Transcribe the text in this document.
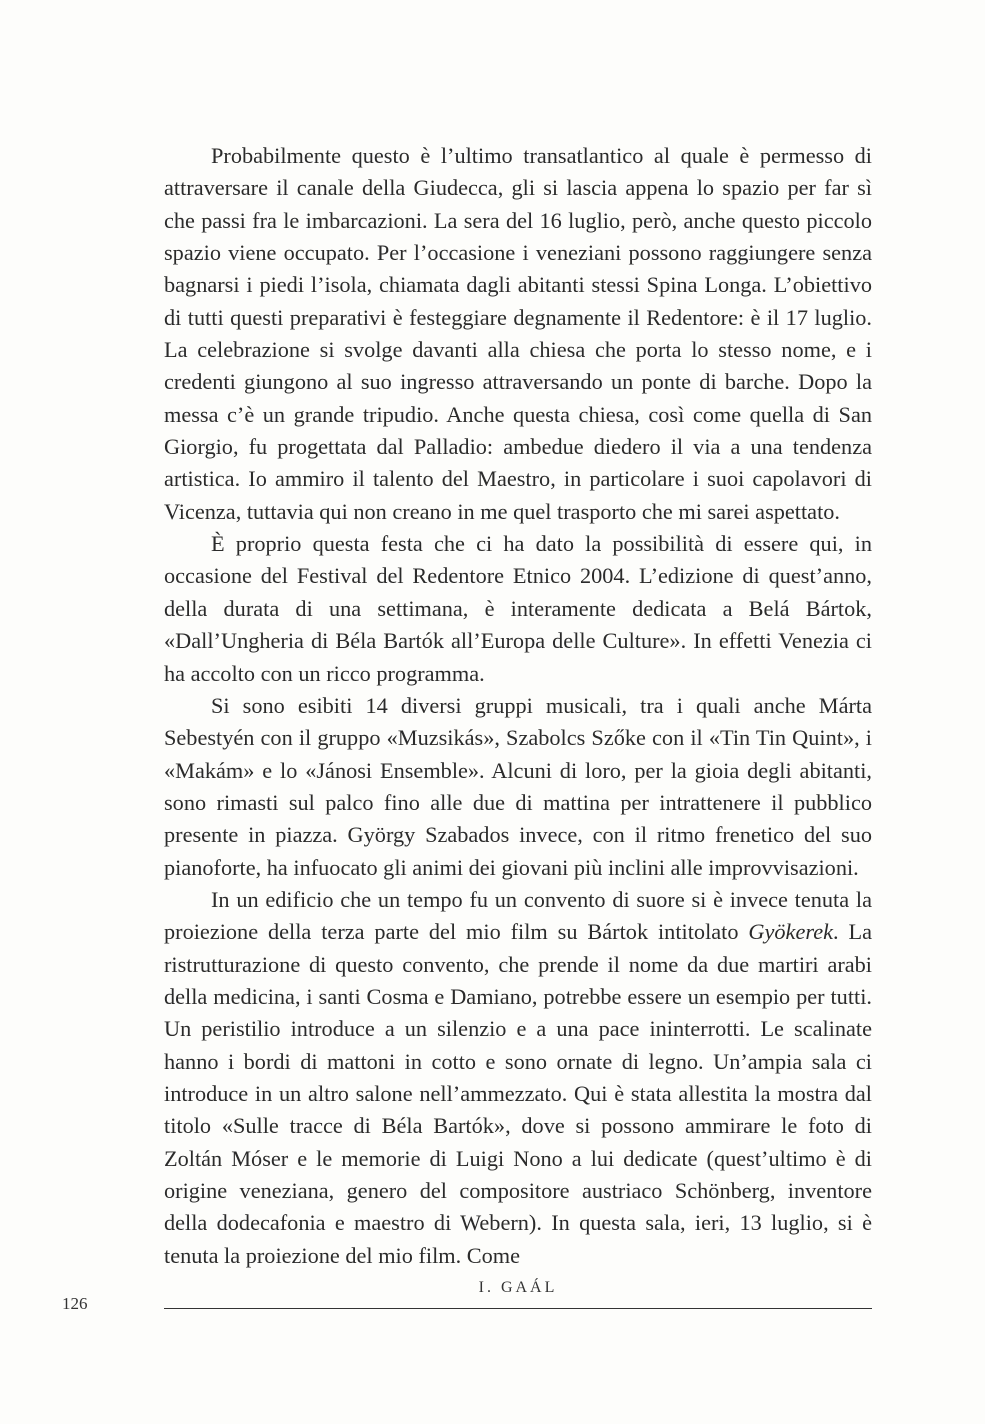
Probabilmente questo è l’ultimo transatlantico al quale è permesso di attraversare il canale della Giudecca, gli si lascia appena lo spazio per far sì che passi fra le imbarcazioni. La sera del 16 luglio, però, anche questo piccolo spazio viene occupato. Per l’occasione i veneziani possono raggiungere senza bagnarsi i piedi l’isola, chiamata dagli abitanti stessi Spina Longa. L’obiettivo di tutti questi preparativi è festeggiare degnamente il Redentore: è il 17 luglio. La celebrazione si svolge davanti alla chiesa che porta lo stesso nome, e i credenti giungono al suo ingresso attraversando un ponte di barche. Dopo la messa c’è un grande tripudio. Anche questa chiesa, così come quella di San Giorgio, fu progettata dal Palladio: ambedue diedero il via a una tendenza artistica. Io ammiro il talento del Maestro, in particolare i suoi capolavori di Vicenza, tuttavia qui non creano in me quel trasporto che mi sarei aspettato.

È proprio questa festa che ci ha dato la possibilità di essere qui, in occasione del Festival del Redentore Etnico 2004. L’edizione di quest’anno, della durata di una settimana, è interamente dedicata a Belá Bártok, «Dall’Ungheria di Béla Bartók all’Europa delle Culture». In effetti Venezia ci ha accolto con un ricco programma.

Si sono esibiti 14 diversi gruppi musicali, tra i quali anche Márta Sebestyén con il gruppo «Muzsikás», Szabolcs Szőke con il «Tin Tin Quint», i «Makám» e lo «Jánosi Ensemble». Alcuni di loro, per la gioia degli abitanti, sono rimasti sul palco fino alle due di mattina per intrattenere il pubblico presente in piazza. György Szabados invece, con il ritmo frenetico del suo pianoforte, ha infuocato gli animi dei giovani più inclini alle improvvisazioni.

In un edificio che un tempo fu un convento di suore si è invece tenuta la proiezione della terza parte del mio film su Bártok intitolato Gyökerek. La ristrutturazione di questo convento, che prende il nome da due martiri arabi della medicina, i santi Cosma e Damiano, potrebbe essere un esempio per tutti. Un peristilio introduce a un silenzio e a una pace ininterrotti. Le scalinate hanno i bordi di mattoni in cotto e sono ornate di legno. Un’ampia sala ci introduce in un altro salone nell’ammezzato. Qui è stata allestita la mostra dal titolo «Sulle tracce di Béla Bartók», dove si possono ammirare le foto di Zoltán Móser e le memorie di Luigi Nono a lui dedicate (quest’ultimo è di origine veneziana, genero del compositore austriaco Schönberg, inventore della dodecafonia e maestro di Webern). In questa sala, ieri, 13 luglio, si è tenuta la proiezione del mio film. Come

I. GAÁL
126
